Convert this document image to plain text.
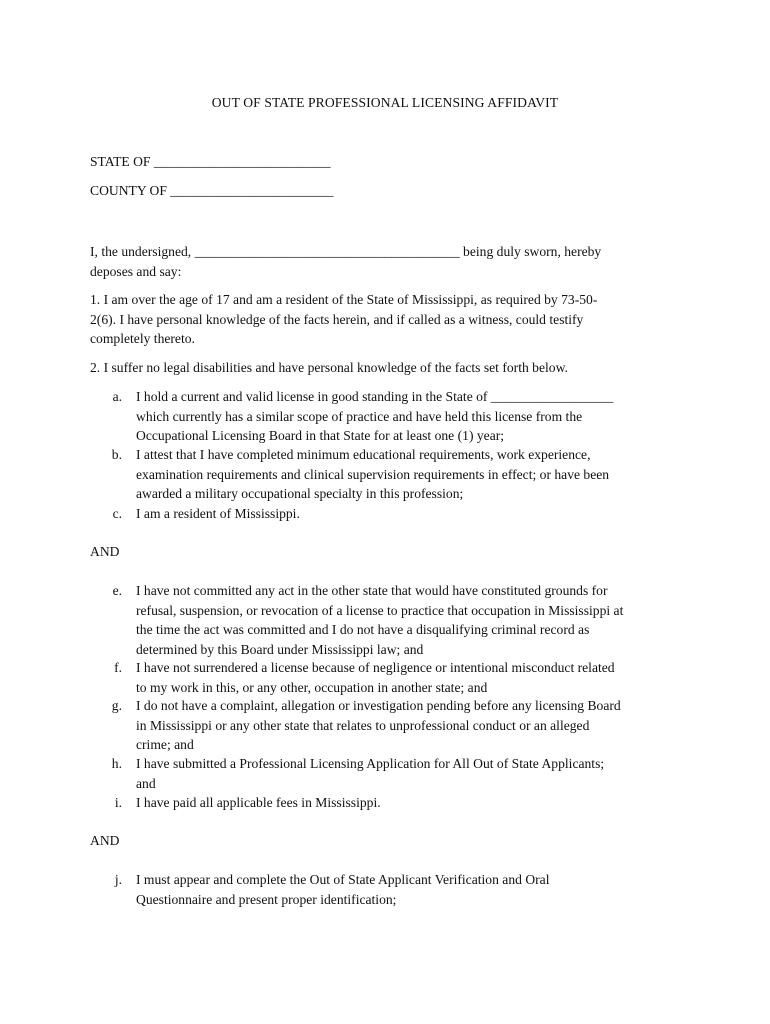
OUT OF STATE PROFESSIONAL LICENSING AFFIDAVIT
STATE OF __________________________
COUNTY OF ________________________
I, the undersigned, _______________________________________ being duly sworn, hereby
deposes and say:
1. I am over the age of 17 and am a resident of the State of Mississippi, as required by 73-50-
2(6). I have personal knowledge of the facts herein, and if called as a witness, could testify
completely thereto.
2. I suffer no legal disabilities and have personal knowledge of the facts set forth below.
a. I hold a current and valid license in good standing in the State of __________________
which currently has a similar scope of practice and have held this license from the
Occupational Licensing Board in that State for at least one (1) year;
b. I attest that I have completed minimum educational requirements, work experience,
examination requirements and clinical supervision requirements in effect; or have been
awarded a military occupational specialty in this profession;
c. I am a resident of Mississippi.
AND
e. I have not committed any act in the other state that would have constituted grounds for
refusal, suspension, or revocation of a license to practice that occupation in Mississippi at
the time the act was committed and I do not have a disqualifying criminal record as
determined by this Board under Mississippi law; and
f. I have not surrendered a license because of negligence or intentional misconduct related
to my work in this, or any other, occupation in another state; and
g. I do not have a complaint, allegation or investigation pending before any licensing Board
in Mississippi or any other state that relates to unprofessional conduct or an alleged
crime; and
h. I have submitted a Professional Licensing Application for All Out of State Applicants;
and
i. I have paid all applicable fees in Mississippi.
AND
j. I must appear and complete the Out of State Applicant Verification and Oral
Questionnaire and present proper identification;
